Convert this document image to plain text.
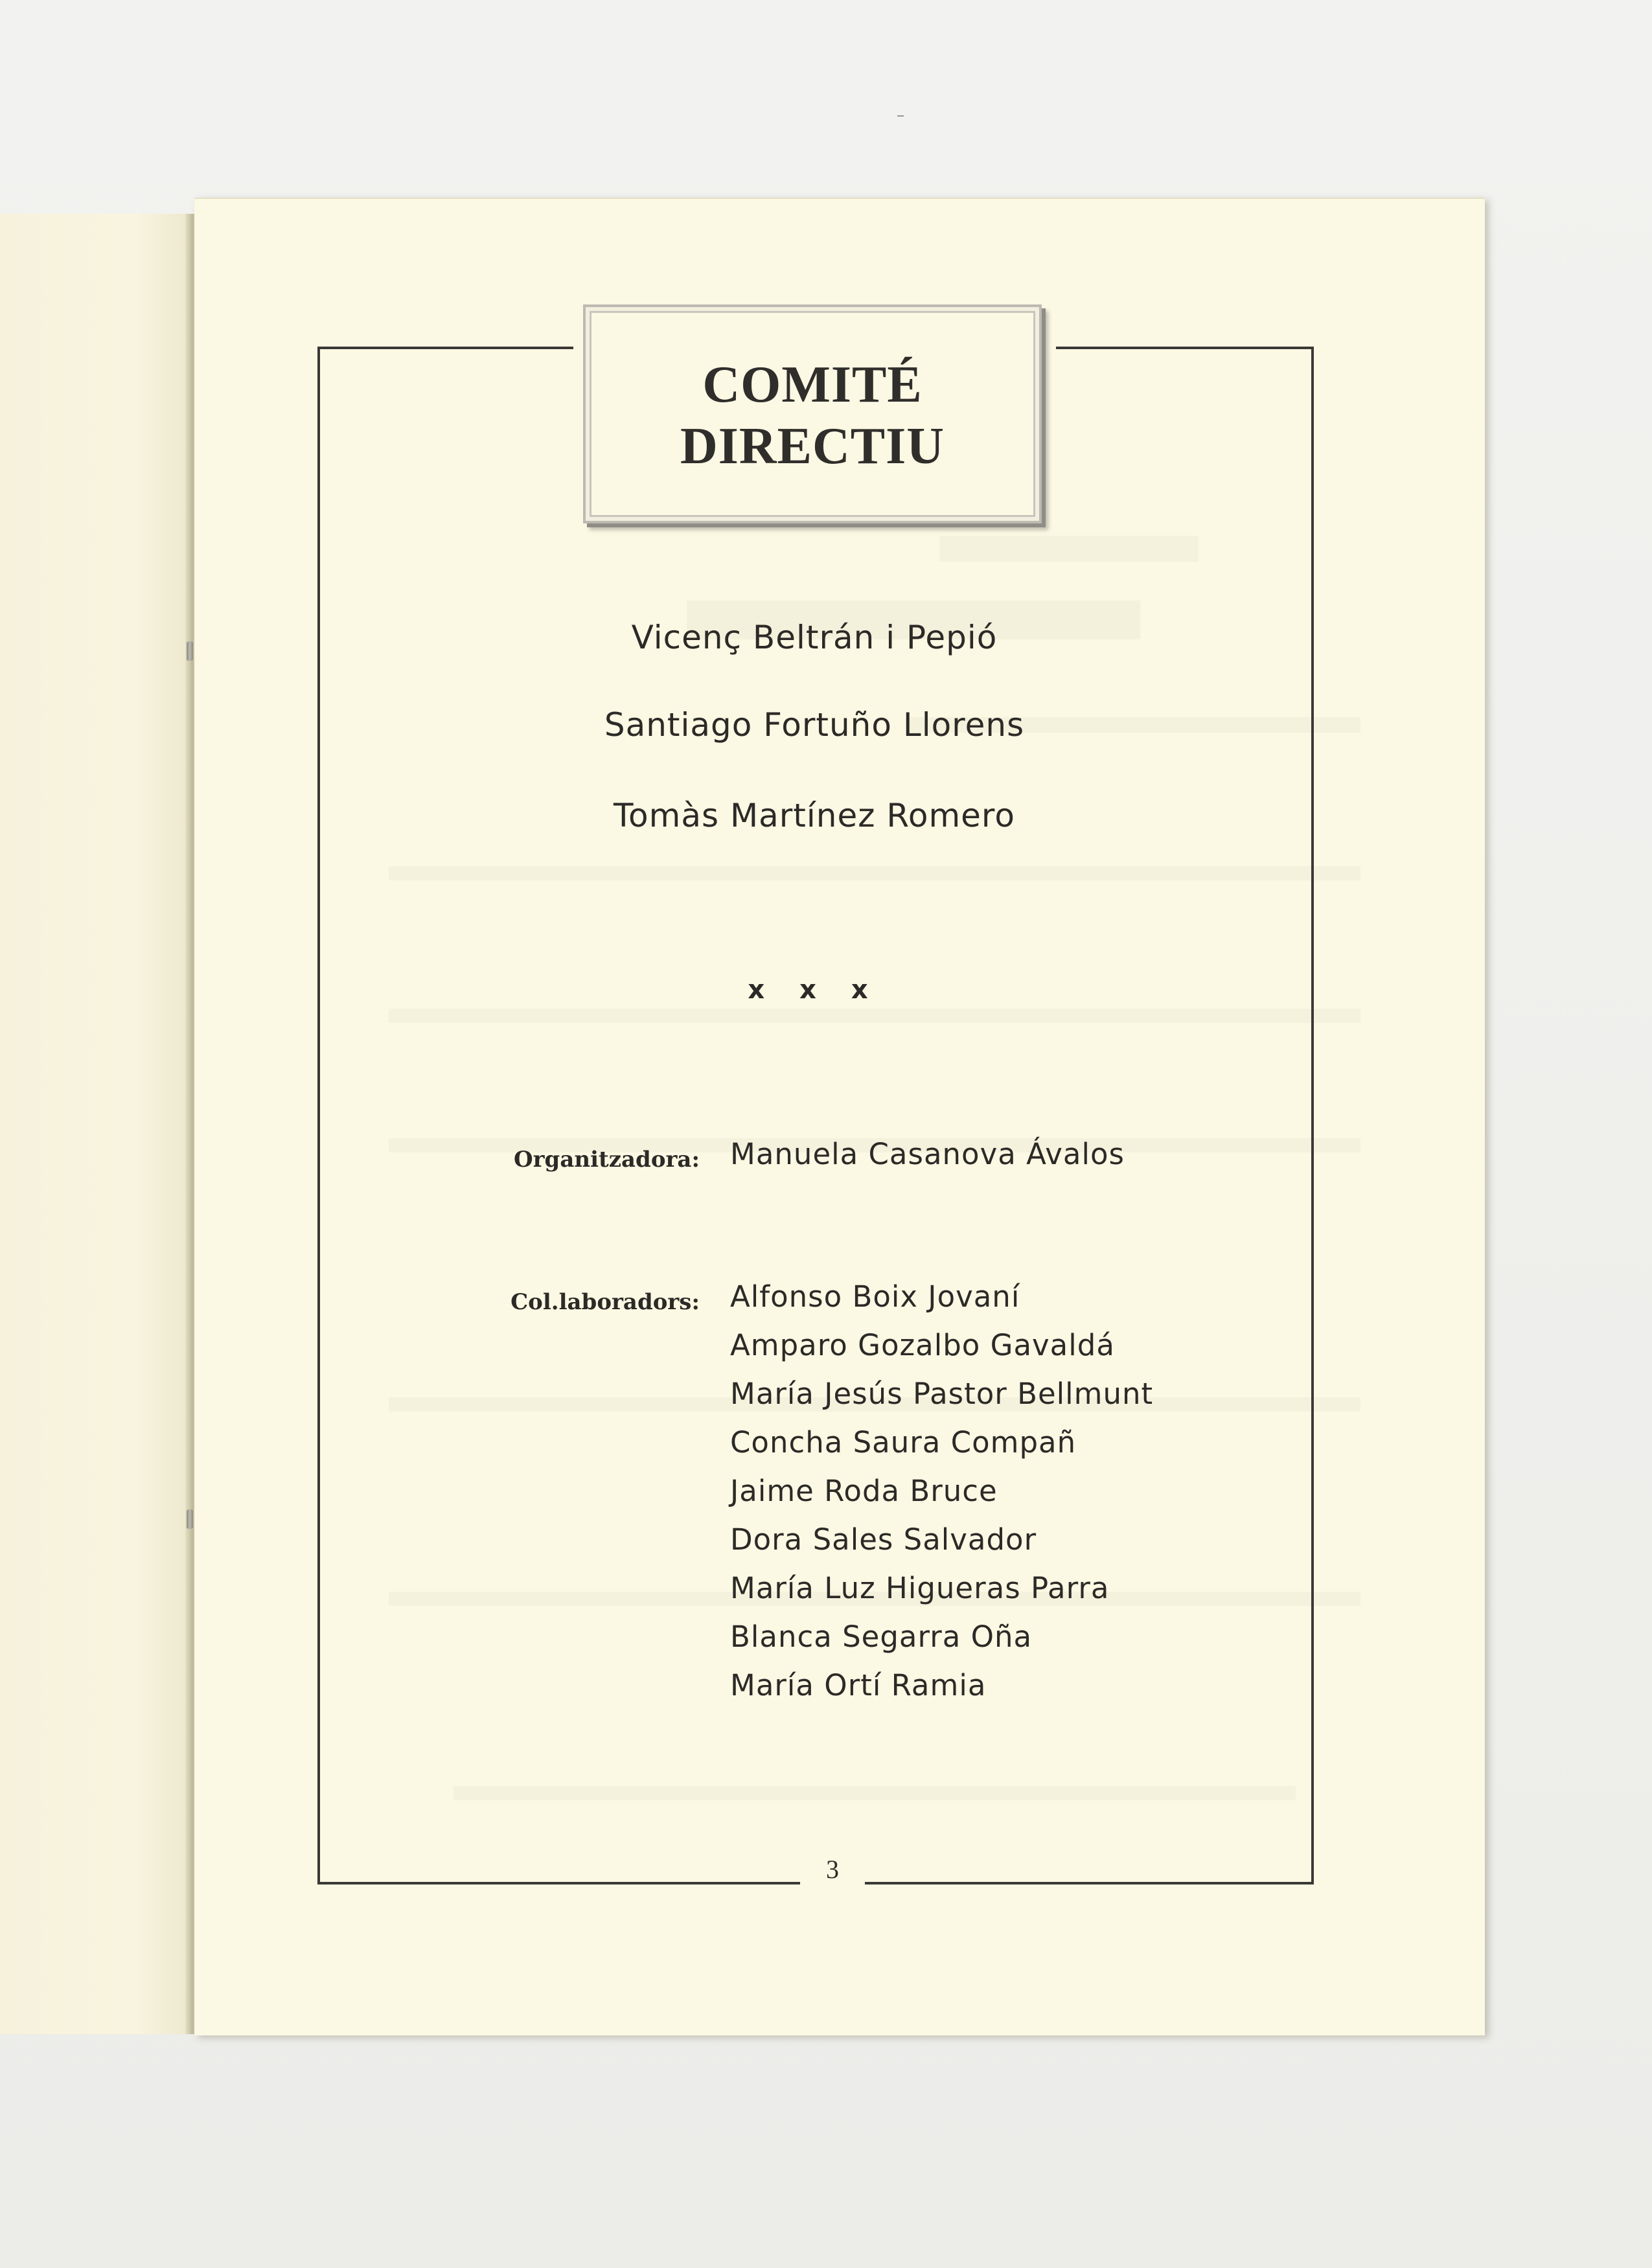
COMITÉ
DIRECTIU
Vicenç Beltrán i Pepió
Santiago Fortuño Llorens
Tomàs Martínez Romero
x x x
Organitzadora: Manuela Casanova Ávalos
Col.laboradors: Alfonso Boix Jovaní
Amparo Gozalbo Gavaldá
María Jesús Pastor Bellmunt
Concha Saura Compañ
Jaime Roda Bruce
Dora Sales Salvador
María Luz Higueras Parra
Blanca Segarra Oña
María Ortí Ramia
3
